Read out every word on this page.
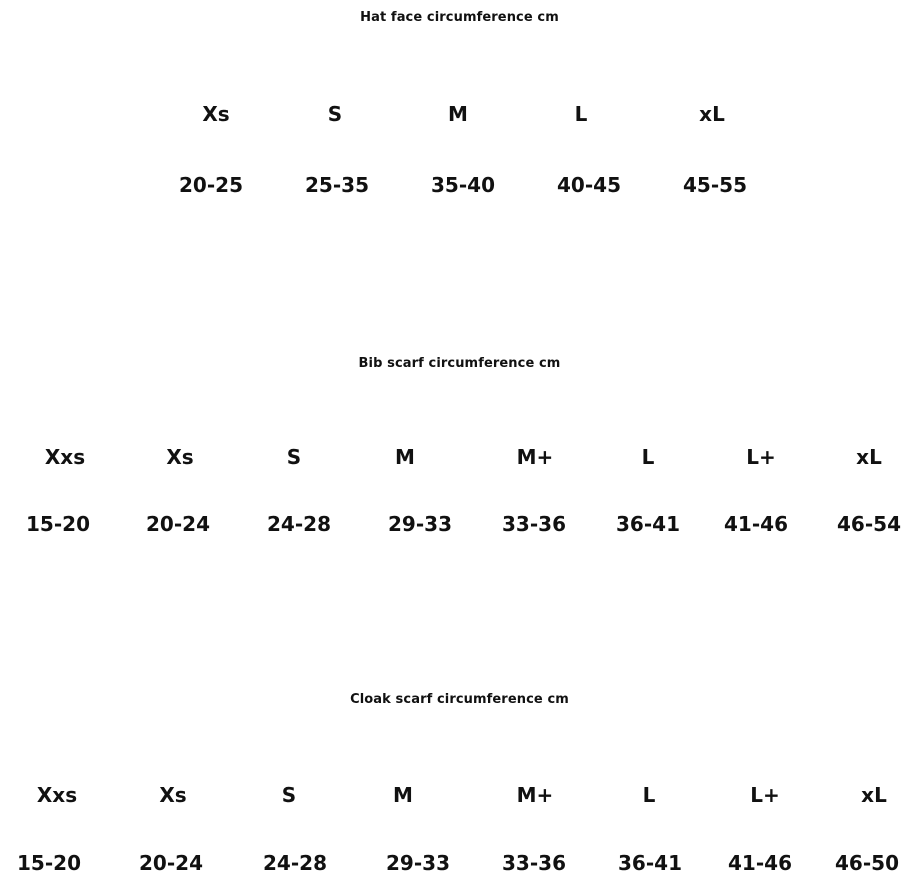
Hat face circumference cm
Xs	S	M	L	xL
20-25	25-35	35-40	40-45	45-55
Bib scarf circumference cm
Xxs	Xs	S	M	M+	L	L+	xL
15-20	20-24	24-28	29-33	33-36	36-41	41-46	46-54
Cloak scarf circumference cm
Xxs	Xs	S	M	M+	L	L+	xL
15-20	20-24	24-28	29-33	33-36	36-41	41-46	46-50
